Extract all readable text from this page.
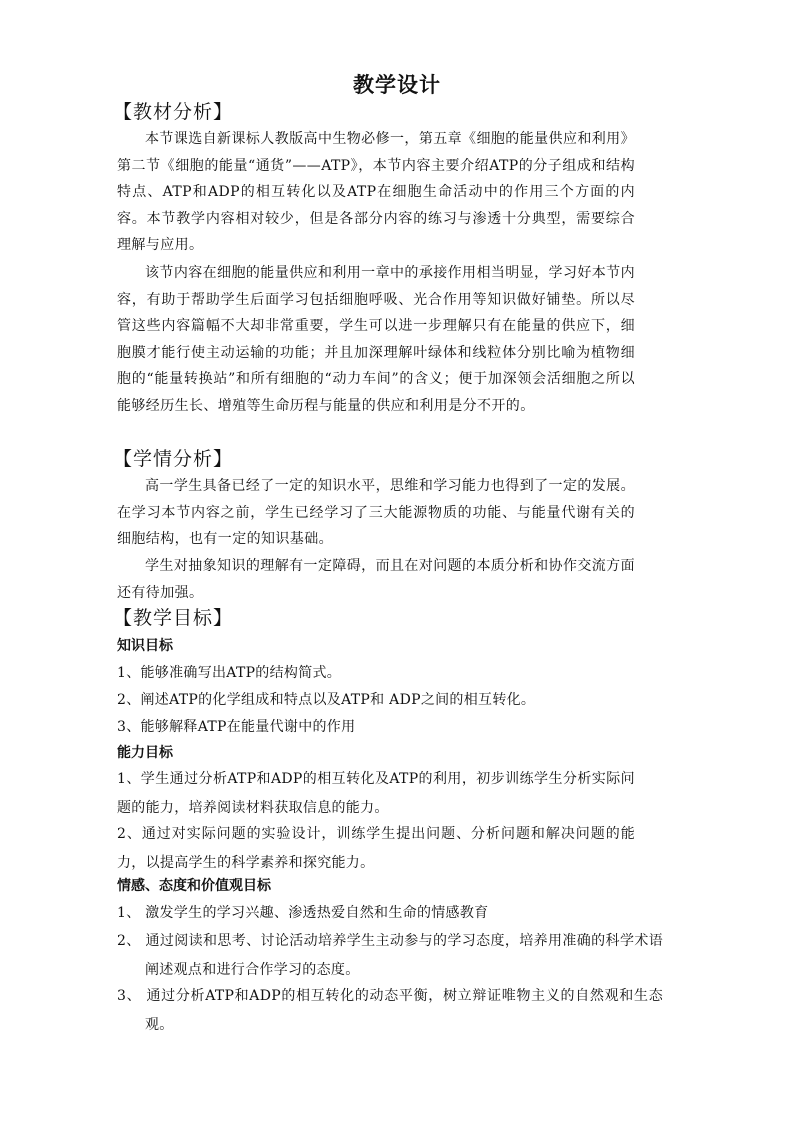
教学设计
【教材分析】
本节课选自新课标人教版高中生物必修一，第五章《细胞的能量供应和利用》第二节《细胞的能量“通货”——ATP》，本节内容主要介绍ATP的分子组成和结构特点、ATP和ADP的相互转化以及ATP在细胞生命活动中的作用三个方面的内容。本节教学内容相对较少，但是各部分内容的练习与渗透十分典型，需要综合理解与应用。
该节内容在细胞的能量供应和利用一章中的承接作用相当明显，学习好本节内容，有助于帮助学生后面学习包括细胞呼吸、光合作用等知识做好铺垫。所以尽管这些内容篇幅不大却非常重要，学生可以进一步理解只有在能量的供应下，细胞膜才能行使主动运输的功能；并且加深理解叶绿体和线粒体分别比喻为植物细胞的“能量转换站”和所有细胞的“动力车间”的含义；便于加深领会活细胞之所以能够经历生长、增殖等生命历程与能量的供应和利用是分不开的。
【学情分析】
高一学生具备已经了一定的知识水平，思维和学习能力也得到了一定的发展。在学习本节内容之前，学生已经学习了三大能源物质的功能、与能量代谢有关的细胞结构，也有一定的知识基础。
学生对抽象知识的理解有一定障碍，而且在对问题的本质分析和协作交流方面还有待加强。
【教学目标】
知识目标
1、能够准确写出ATP的结构简式。
2、阐述ATP的化学组成和特点以及ATP和 ADP之间的相互转化。
3、能够解释ATP在能量代谢中的作用
能力目标
1、学生通过分析ATP和ADP的相互转化及ATP的利用，初步训练学生分析实际问题的能力，培养阅读材料获取信息的能力。
2、通过对实际问题的实验设计，训练学生提出问题、分析问题和解决问题的能力，以提高学生的科学素养和探究能力。
情感、态度和价值观目标
1、 激发学生的学习兴趣、渗透热爱自然和生命的情感教育
2、 通过阅读和思考、讨论活动培养学生主动参与的学习态度，培养用准确的科学术语阐述观点和进行合作学习的态度。
3、 通过分析ATP和ADP的相互转化的动态平衡，树立辩证唯物主义的自然观和生态观。
